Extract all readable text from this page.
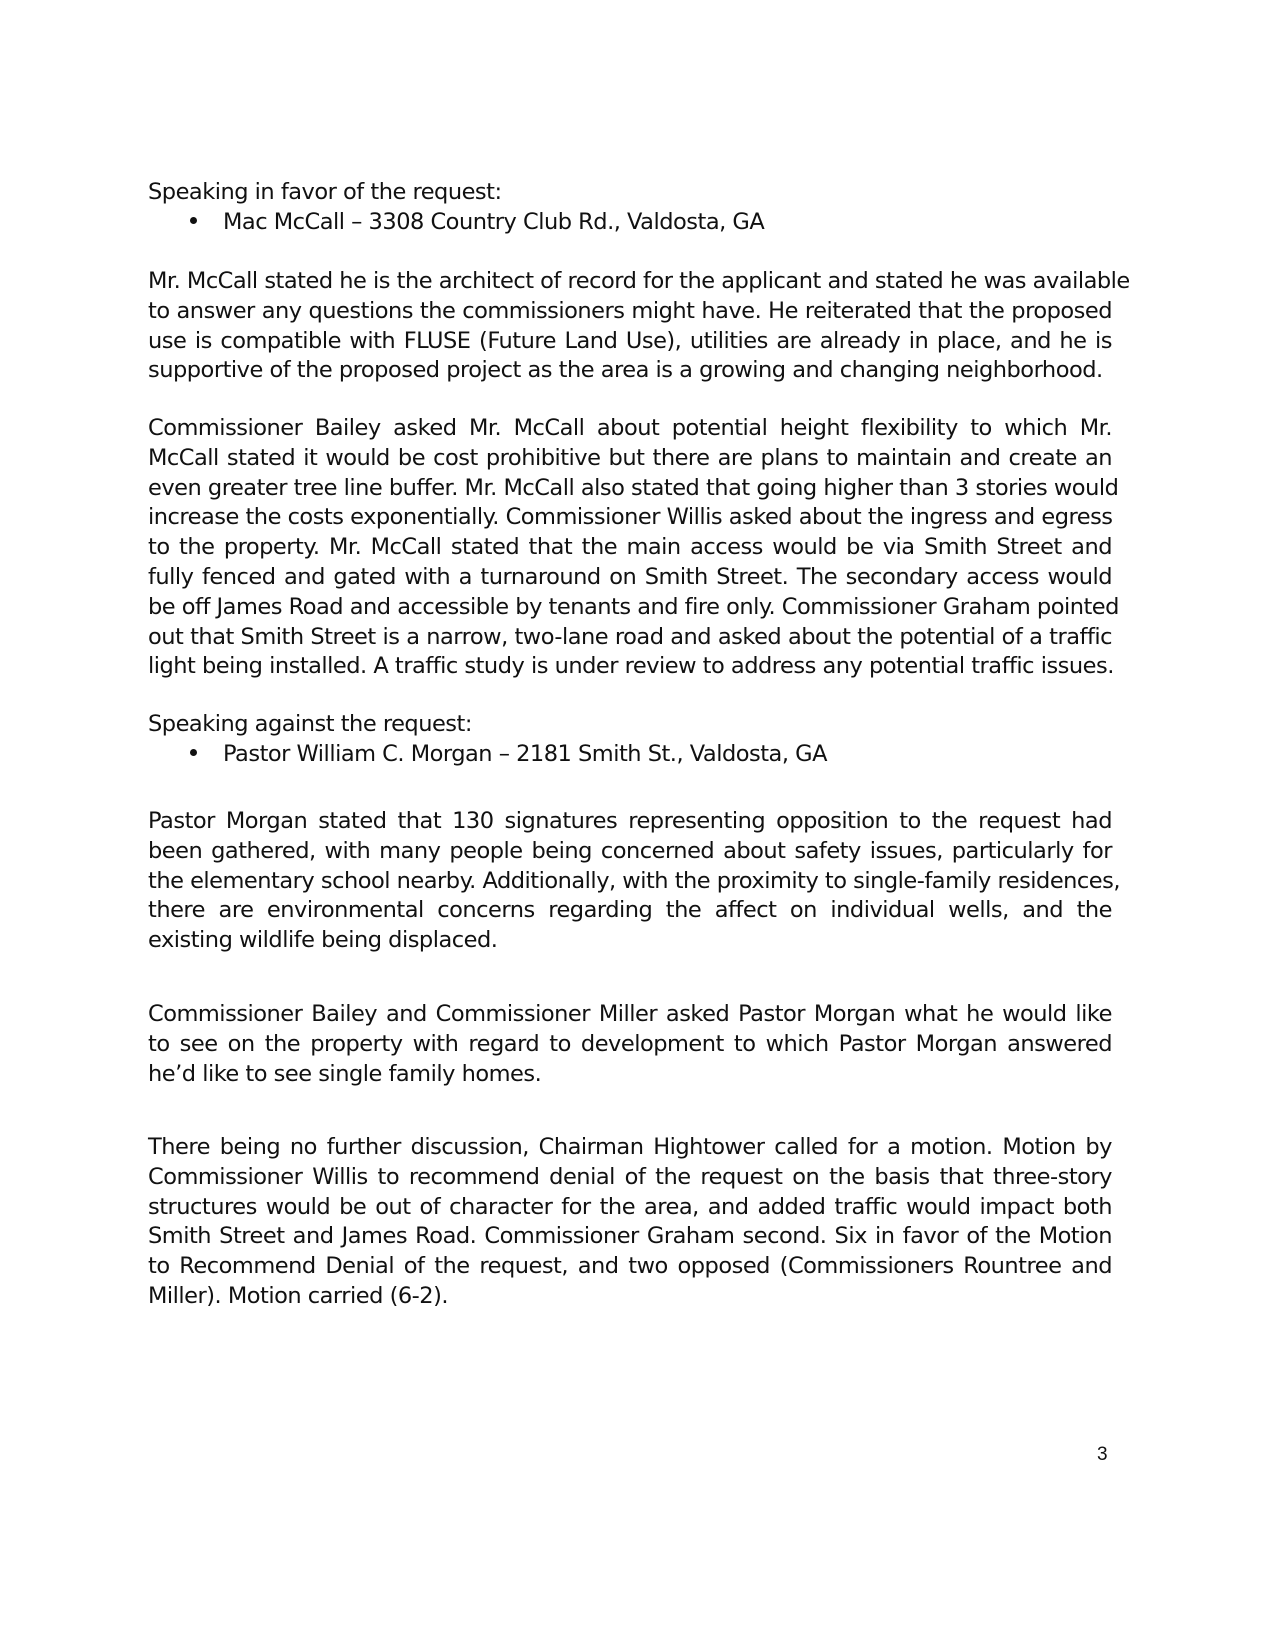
Speaking in favor of the request:

Mac McCall – 3308 Country Club Rd., Valdosta, GA

Mr. McCall stated he is the architect of record for the applicant and stated he was available
to answer any questions the commissioners might have. He reiterated that the proposed
use is compatible with FLUSE (Future Land Use), utilities are already in place, and he is
supportive of the proposed project as the area is a growing and changing neighborhood.
Commissioner Bailey asked Mr. McCall about potential height flexibility to which Mr.
McCall stated it would be cost prohibitive but there are plans to maintain and create an
even greater tree line buffer. Mr. McCall also stated that going higher than 3 stories would
increase the costs exponentially. Commissioner Willis asked about the ingress and egress
to the property. Mr. McCall stated that the main access would be via Smith Street and
fully fenced and gated with a turnaround on Smith Street. The secondary access would
be off James Road and accessible by tenants and fire only. Commissioner Graham pointed
out that Smith Street is a narrow, two-lane road and asked about the potential of a traffic
light being installed. A traffic study is under review to address any potential traffic issues.

Speaking against the request:

Pastor William C. Morgan – 2181 Smith St., Valdosta, GA

Pastor Morgan stated that 130 signatures representing opposition to the request had
been gathered, with many people being concerned about safety issues, particularly for
the elementary school nearby. Additionally, with the proximity to single-family residences,
there are environmental concerns regarding the affect on individual wells, and the
existing wildlife being displaced.
Commissioner Bailey and Commissioner Miller asked Pastor Morgan what he would like
to see on the property with regard to development to which Pastor Morgan answered
he’d like to see single family homes.
There being no further discussion, Chairman Hightower called for a motion. Motion by
Commissioner Willis to recommend denial of the request on the basis that three-story
structures would be out of character for the area, and added traffic would impact both
Smith Street and James Road. Commissioner Graham second. Six in favor of the Motion
to Recommend Denial of the request, and two opposed (Commissioners Rountree and
Miller). Motion carried (6-2).

3
